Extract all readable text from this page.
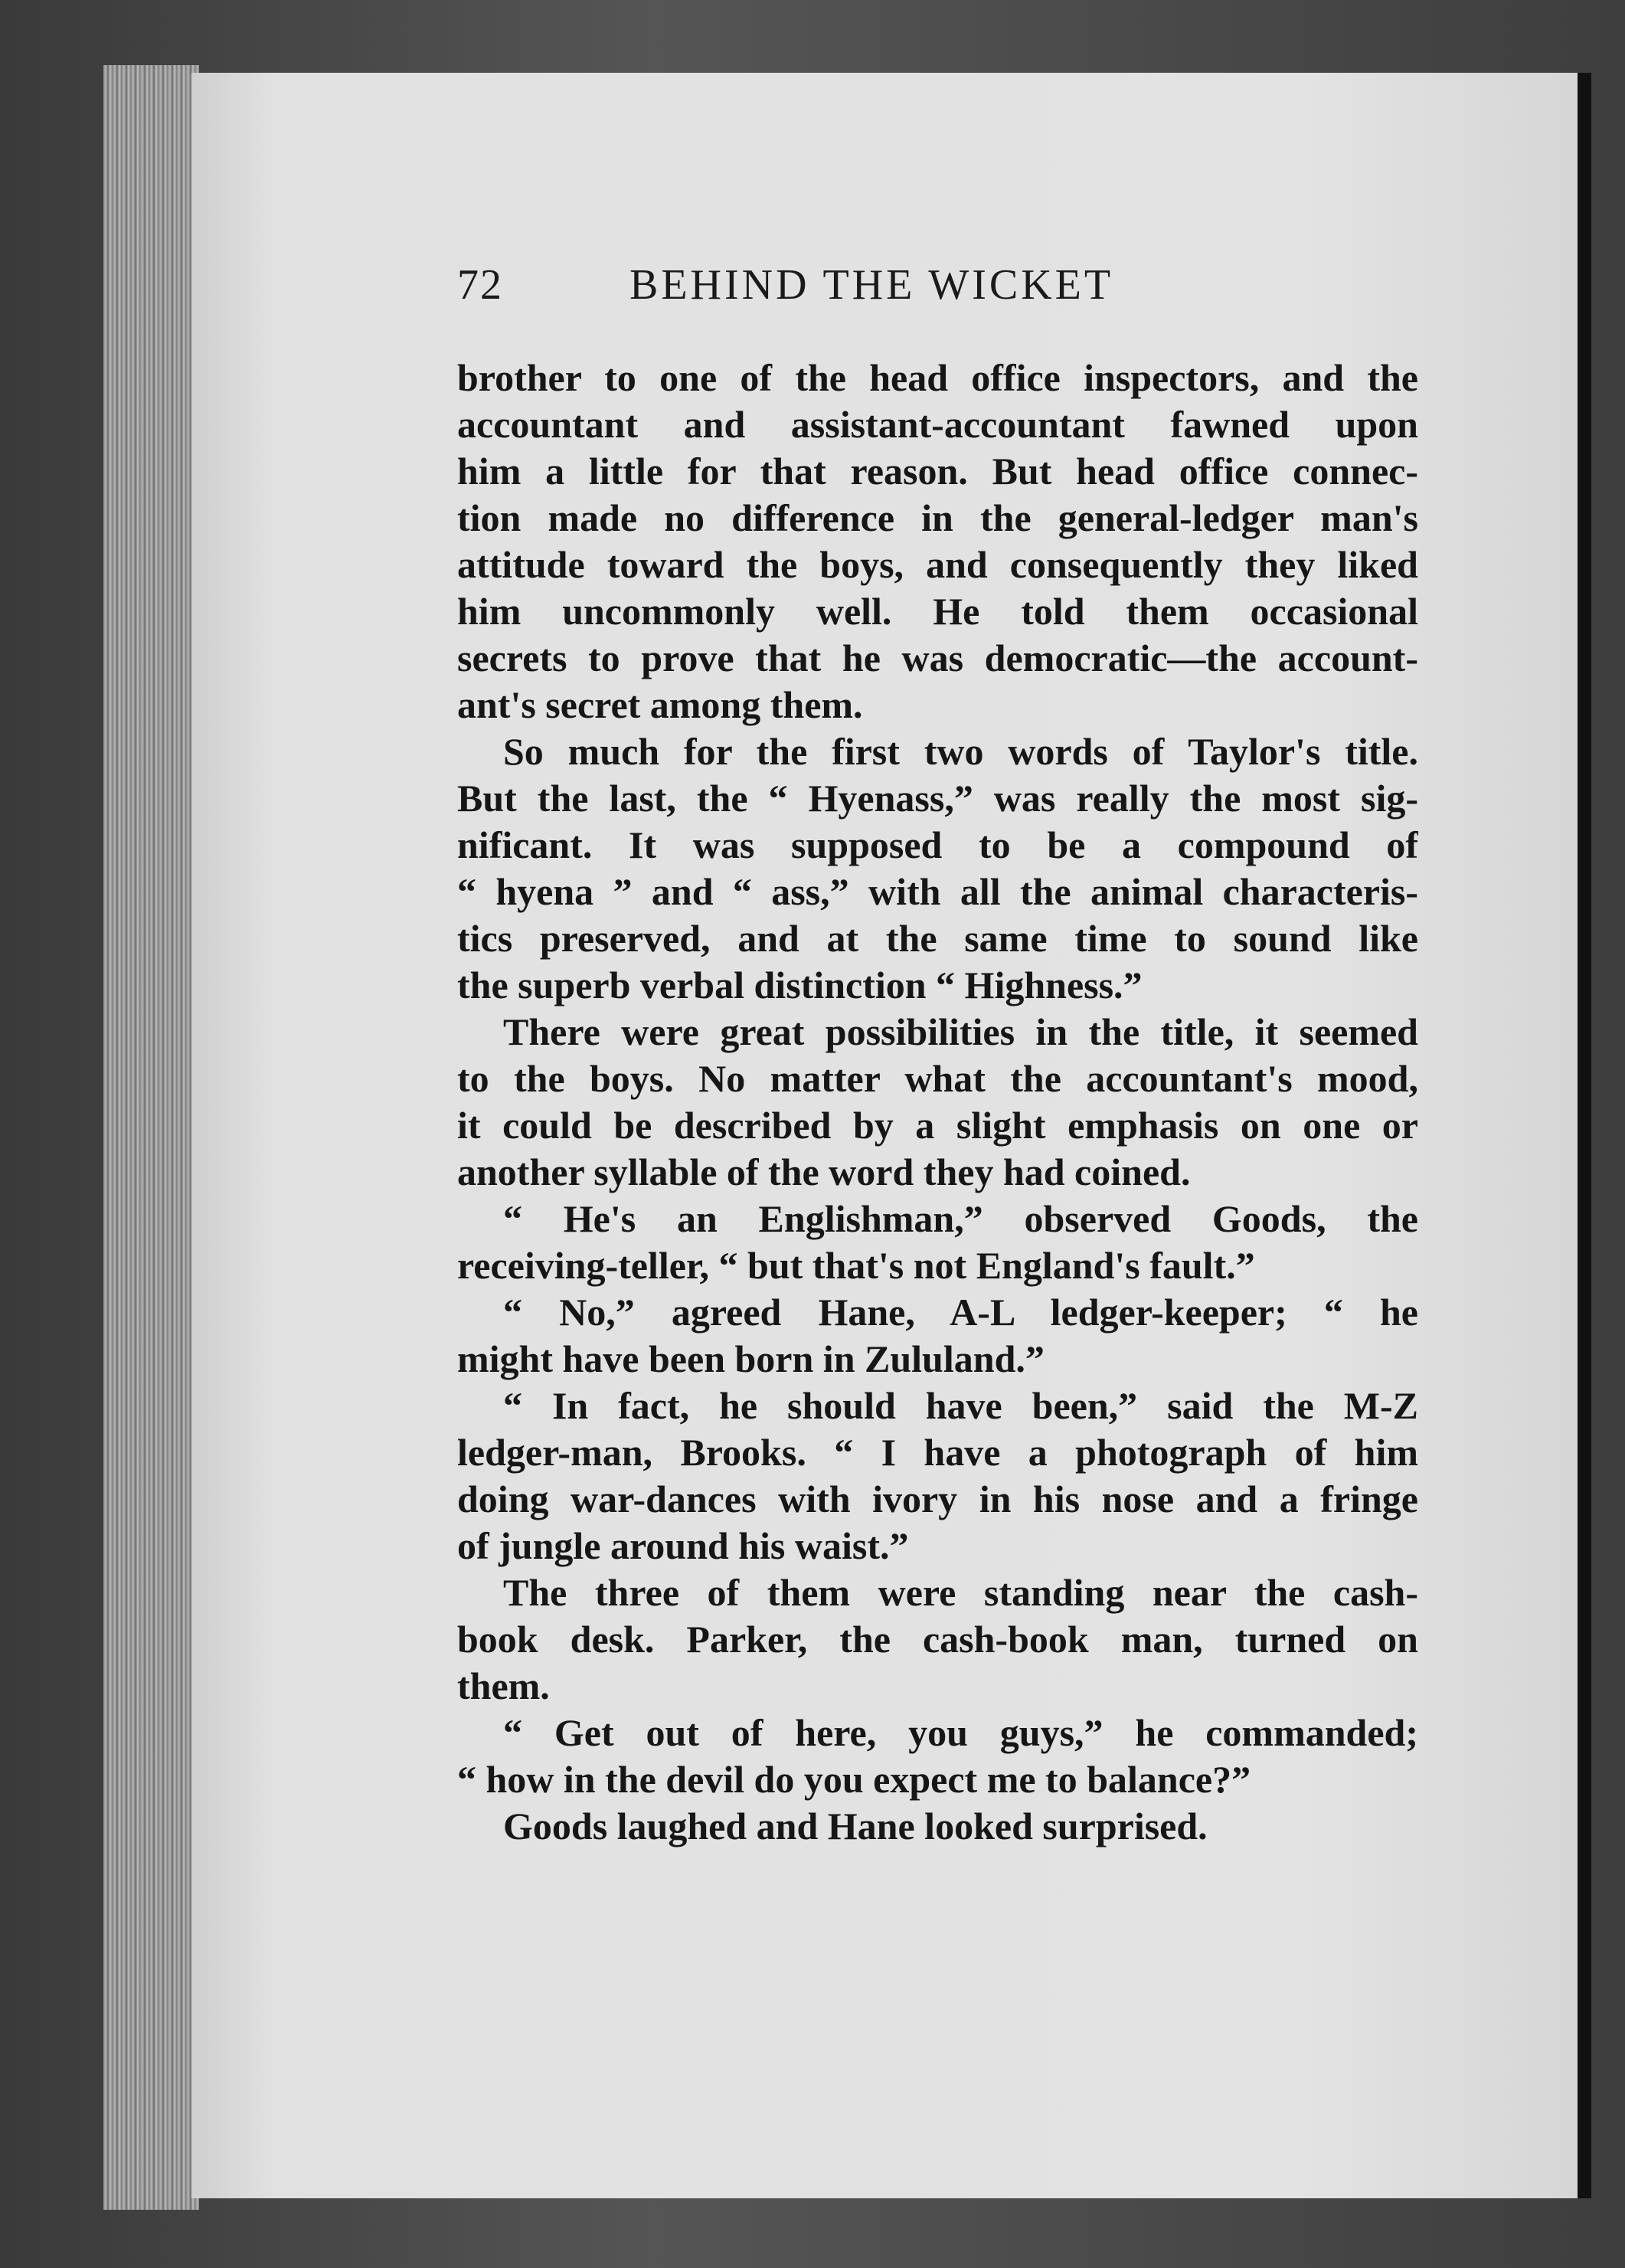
72	BEHIND THE WICKET
brother to one of the head office inspectors, and the
accountant and assistant-accountant fawned upon
him a little for that reason. But head office connec-
tion made no difference in the general-ledger man's
attitude toward the boys, and consequently they liked
him uncommonly well. He told them occasional
secrets to prove that he was democratic—the account-
ant's secret among them.
So much for the first two words of Taylor's title.
But the last, the “ Hyenass,” was really the most sig-
nificant. It was supposed to be a compound of
“ hyena ” and “ ass,” with all the animal characteris-
tics preserved, and at the same time to sound like
the superb verbal distinction “ Highness.”
There were great possibilities in the title, it seemed
to the boys. No matter what the accountant's mood,
it could be described by a slight emphasis on one or
another syllable of the word they had coined.
“ He's an Englishman,” observed Goods, the
receiving-teller, “ but that's not England's fault.”
“ No,” agreed Hane, A-L ledger-keeper; “ he
might have been born in Zululand.”
“ In fact, he should have been,” said the M-Z
ledger-man, Brooks. “ I have a photograph of him
doing war-dances with ivory in his nose and a fringe
of jungle around his waist.”
The three of them were standing near the cash-
book desk. Parker, the cash-book man, turned on
them.
“ Get out of here, you guys,” he commanded;
“ how in the devil do you expect me to balance?”
Goods laughed and Hane looked surprised.
